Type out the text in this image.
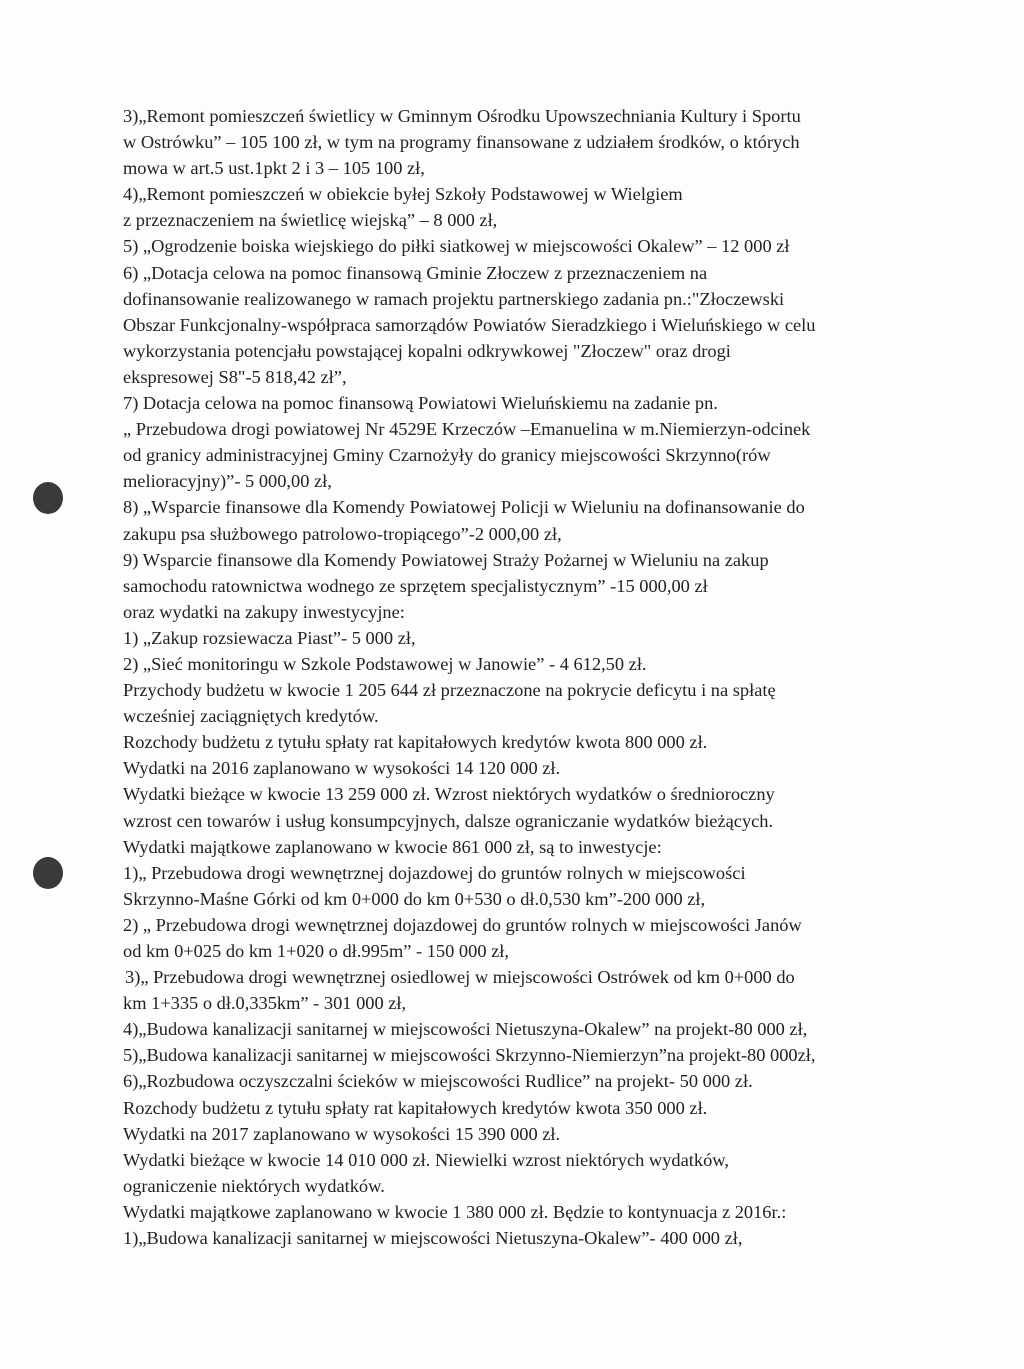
3)„Remont pomieszczeń świetlicy w Gminnym Ośrodku Upowszechniania Kultury i Sportu
w Ostrówku” – 105 100 zł, w tym na programy finansowane z udziałem środków, o których
mowa w art.5 ust.1pkt 2 i 3 – 105 100 zł,
4)„Remont pomieszczeń w obiekcie byłej Szkoły Podstawowej w Wielgiem
z przeznaczeniem na świetlicę wiejską” – 8 000 zł,
5) „Ogrodzenie boiska wiejskiego do piłki siatkowej w miejscowości Okalew” – 12 000 zł
6) „Dotacja celowa na pomoc finansową Gminie Złoczew z przeznaczeniem na
dofinansowanie realizowanego w ramach projektu partnerskiego zadania pn.:"Złoczewski
Obszar Funkcjonalny-współpraca samorządów Powiatów Sieradzkiego i Wieluńskiego w celu
wykorzystania potencjału powstającej kopalni odkrywkowej "Złoczew" oraz drogi
ekspresowej S8"-5 818,42 zł”,
7) Dotacja celowa na pomoc finansową Powiatowi Wieluńskiemu na zadanie pn.
„ Przebudowa drogi powiatowej Nr 4529E Krzeczów –Emanuelina w m.Niemierzyn-odcinek
od granicy administracyjnej Gminy Czarnożyły do granicy miejscowości Skrzynno(rów
melioracyjny)”- 5 000,00 zł,
8) „Wsparcie finansowe dla Komendy Powiatowej Policji w Wieluniu na dofinansowanie do
zakupu psa służbowego patrolowo-tropiącego”-2 000,00 zł,
9) Wsparcie finansowe dla Komendy Powiatowej Straży Pożarnej w Wieluniu na zakup
samochodu ratownictwa wodnego ze sprzętem specjalistycznym” -15 000,00 zł
oraz wydatki na zakupy inwestycyjne:
1) „Zakup rozsiewacza Piast”- 5 000 zł,
2) „Sieć monitoringu w Szkole Podstawowej w Janowie” - 4 612,50 zł.
Przychody budżetu w kwocie 1 205 644 zł przeznaczone na pokrycie deficytu i na spłatę
wcześniej zaciągniętych kredytów.
Rozchody budżetu z tytułu spłaty rat kapitałowych kredytów kwota 800 000 zł.
Wydatki na 2016 zaplanowano w wysokości 14 120 000 zł.
Wydatki bieżące w kwocie 13 259 000 zł. Wzrost niektórych wydatków o średnioroczny
wzrost cen towarów i usług konsumpcyjnych, dalsze ograniczanie wydatków bieżących.
Wydatki majątkowe zaplanowano w kwocie 861 000 zł, są to inwestycje:
1)„ Przebudowa drogi wewnętrznej dojazdowej do gruntów rolnych w miejscowości
Skrzynno-Maśne Górki od km 0+000 do km 0+530 o dł.0,530 km”-200 000 zł,
2) „ Przebudowa drogi wewnętrznej dojazdowej do gruntów rolnych w miejscowości Janów
od km 0+025 do km 1+020 o dł.995m” - 150 000 zł,
3)„ Przebudowa drogi wewnętrznej osiedlowej w miejscowości Ostrówek od km 0+000 do
km 1+335 o dł.0,335km” - 301 000 zł,
4)„Budowa kanalizacji sanitarnej w miejscowości Nietuszyna-Okalew” na projekt-80 000 zł,
5)„Budowa kanalizacji sanitarnej w miejscowości Skrzynno-Niemierzyn”na projekt-80 000zł,
6)„Rozbudowa oczyszczalni ścieków w miejscowości Rudlice” na projekt- 50 000 zł.
Rozchody budżetu z tytułu spłaty rat kapitałowych kredytów kwota 350 000 zł.
Wydatki na 2017 zaplanowano w wysokości 15 390 000 zł.
Wydatki bieżące w kwocie 14 010 000 zł. Niewielki wzrost niektórych wydatków,
ograniczenie niektórych wydatków.
Wydatki majątkowe zaplanowano w kwocie 1 380 000 zł. Będzie to kontynuacja z 2016r.:
1)„Budowa kanalizacji sanitarnej w miejscowości Nietuszyna-Okalew”- 400 000 zł,
